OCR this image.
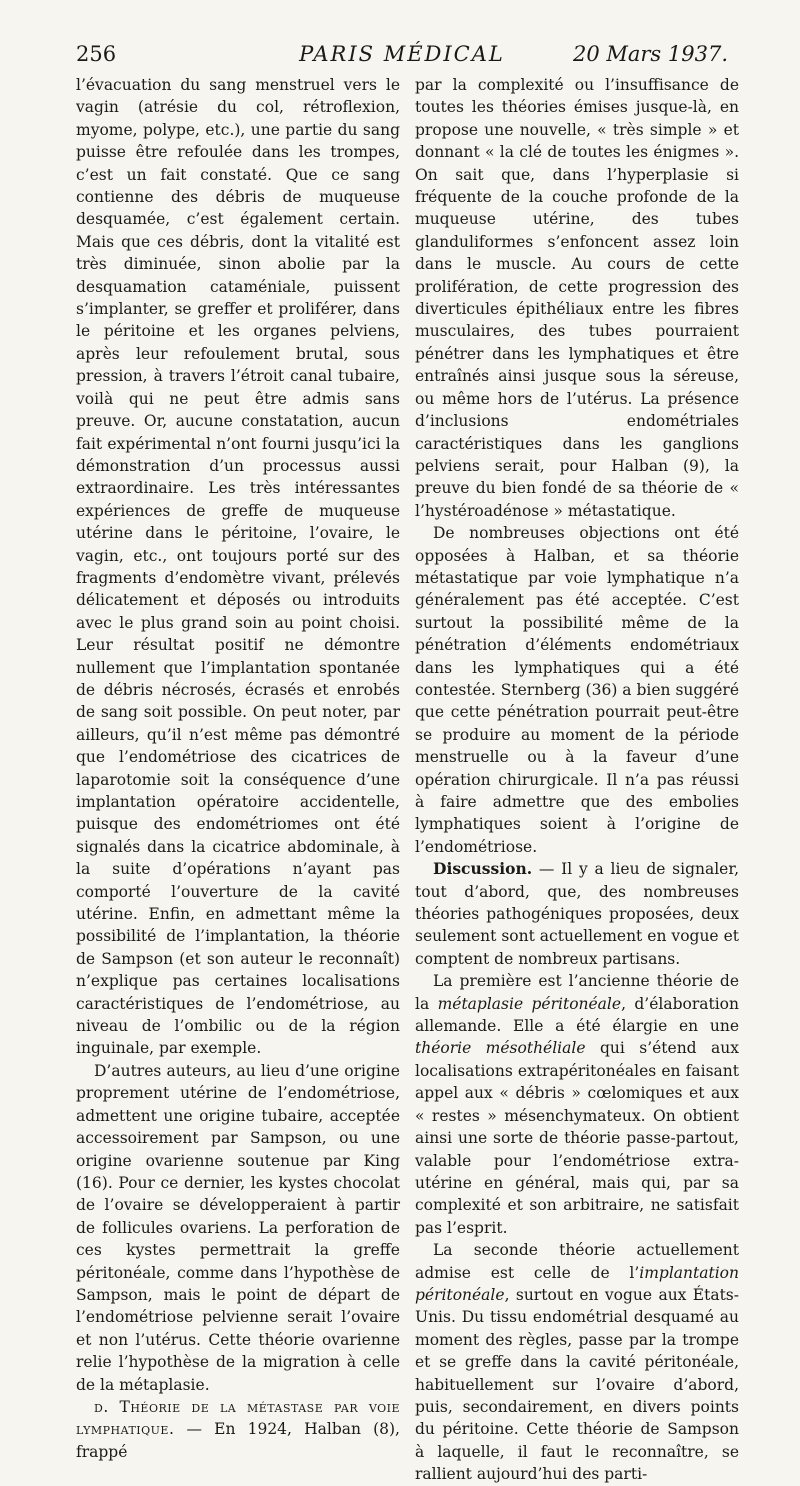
256	PARIS MÉDICAL	20 Mars 1937.

l’évacuation du sang menstruel vers le vagin (atrésie du col, rétroflexion, myome, polype, etc.), une partie du sang puisse être refoulée dans les trompes, c’est un fait constaté. Que ce sang contienne des débris de muqueuse desquamée, c’est également certain. Mais que ces débris, dont la vitalité est très diminuée, sinon abolie par la desquamation cataméniale, puissent s’implanter, se greffer et proliférer, dans le péritoine et les organes pelviens, après leur refoulement brutal, sous pression, à travers l’étroit canal tubaire, voilà qui ne peut être admis sans preuve. Or, aucune constatation, aucun fait expérimental n’ont fourni jusqu’ici la démonstration d’un processus aussi extraordinaire. Les très intéressantes expériences de greffe de muqueuse utérine dans le péritoine, l’ovaire, le vagin, etc., ont toujours porté sur des fragments d’endomètre vivant, prélevés délicatement et déposés ou introduits avec le plus grand soin au point choisi. Leur résultat positif ne démontre nullement que l’implantation spontanée de débris nécrosés, écrasés et enrobés de sang soit possible. On peut noter, par ailleurs, qu’il n’est même pas démontré que l’endométriose des cicatrices de laparotomie soit la conséquence d’une implantation opératoire accidentelle, puisque des endométriomes ont été signalés dans la cicatrice abdominale, à la suite d’opérations n’ayant pas comporté l’ouverture de la cavité utérine. Enfin, en admettant même la possibilité de l’implantation, la théorie de Sampson (et son auteur le reconnaît) n’explique pas certaines localisations caractéristiques de l’endométriose, au niveau de l’ombilic ou de la région inguinale, par exemple.

D’autres auteurs, au lieu d’une origine proprement utérine de l’endométriose, admettent une origine tubaire, acceptée accessoirement par Sampson, ou une origine ovarienne soutenue par King (16). Pour ce dernier, les kystes chocolat de l’ovaire se développeraient à partir de follicules ovariens. La perforation de ces kystes permettrait la greffe péritonéale, comme dans l’hypothèse de Sampson, mais le point de départ de l’endométriose pelvienne serait l’ovaire et non l’utérus. Cette théorie ovarienne relie l’hypothèse de la migration à celle de la métaplasie.

d. Théorie de la métastase par voie lymphatique. — En 1924, Halban (8), frappé

par la complexité ou l’insuffisance de toutes les théories émises jusque-là, en propose une nouvelle, « très simple » et donnant « la clé de toutes les énigmes ». On sait que, dans l’hyperplasie si fréquente de la couche profonde de la muqueuse utérine, des tubes glanduliformes s’enfoncent assez loin dans le muscle. Au cours de cette prolifération, de cette progression des diverticules épithéliaux entre les fibres musculaires, des tubes pourraient pénétrer dans les lymphatiques et être entraînés ainsi jusque sous la séreuse, ou même hors de l’utérus. La présence d’inclusions endométriales caractéristiques dans les ganglions pelviens serait, pour Halban (9), la preuve du bien fondé de sa théorie de « l’hystéroadénose » métastatique.

De nombreuses objections ont été opposées à Halban, et sa théorie métastatique par voie lymphatique n’a généralement pas été acceptée. C’est surtout la possibilité même de la pénétration d’éléments endométriaux dans les lymphatiques qui a été contestée. Sternberg (36) a bien suggéré que cette pénétration pourrait peut-être se produire au moment de la période menstruelle ou à la faveur d’une opération chirurgicale. Il n’a pas réussi à faire admettre que des embolies lymphatiques soient à l’origine de l’endométriose.

Discussion. — Il y a lieu de signaler, tout d’abord, que, des nombreuses théories pathogéniques proposées, deux seulement sont actuellement en vogue et comptent de nombreux partisans.

La première est l’ancienne théorie de la métaplasie péritonéale, d’élaboration allemande. Elle a été élargie en une théorie mésothéliale qui s’étend aux localisations extrapéritonéales en faisant appel aux « débris » cœlomiques et aux « restes » mésenchymateux. On obtient ainsi une sorte de théorie passe-partout, valable pour l’endométriose extra-utérine en général, mais qui, par sa complexité et son arbitraire, ne satisfait pas l’esprit.

La seconde théorie actuellement admise est celle de l’implantation péritonéale, surtout en vogue aux États-Unis. Du tissu endométrial desquamé au moment des règles, passe par la trompe et se greffe dans la cavité péritonéale, habituellement sur l’ovaire d’abord, puis, secondairement, en divers points du péritoine. Cette théorie de Sampson à laquelle, il faut le reconnaître, se rallient aujourd’hui des parti-
